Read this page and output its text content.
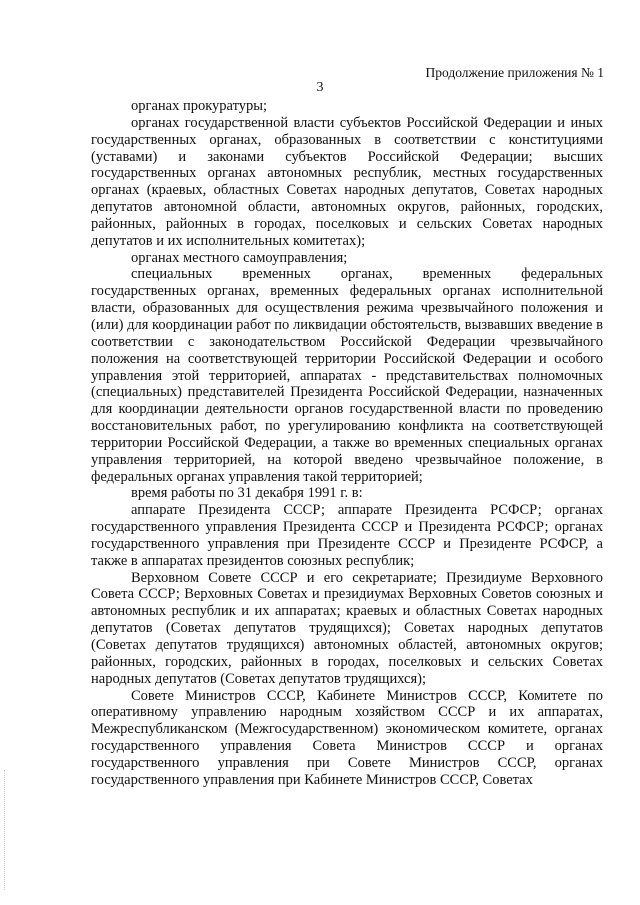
Продолжение приложения № 1
3

органах прокуратуры;

органах государственной власти субъектов Российской Федерации и иных государственных органах, образованных в соответствии с конституциями (уставами) и законами субъектов Российской Федерации; высших государственных органах автономных республик, местных государственных органах (краевых, областных Советах народных депутатов, Советах народных депутатов автономной области, автономных округов, районных, городских, районных, районных в городах, поселковых и сельских Советах народных депутатов и их исполнительных комитетах);

органах местного самоуправления;

специальных временных органах, временных федеральных государственных органах, временных федеральных органах исполнительной власти, образованных для осуществления режима чрезвычайного положения и (или) для координации работ по ликвидации обстоятельств, вызвавших введение в соответствии с законодательством Российской Федерации чрезвычайного положения на соответствующей территории Российской Федерации и особого управления этой территорией, аппаратах - представительствах полномочных (специальных) представителей Президента Российской Федерации, назначенных для координации деятельности органов государственной власти по проведению восстановительных работ, по урегулированию конфликта на соответствующей территории Российской Федерации, а также во временных специальных органах управления территорией, на которой введено чрезвычайное положение, в федеральных органах управления такой территорией;

время работы по 31 декабря 1991 г. в:

аппарате Президента СССР; аппарате Президента РСФСР; органах государственного управления Президента СССР и Президента РСФСР; органах государственного управления при Президенте СССР и Президенте РСФСР, а также в аппаратах президентов союзных республик;

Верховном Совете СССР и его секретариате; Президиуме Верховного Совета СССР; Верховных Советах и президиумах Верховных Советов союзных и автономных республик и их аппаратах; краевых и областных Советах народных депутатов (Советах депутатов трудящихся); Советах народных депутатов (Советах депутатов трудящихся) автономных областей, автономных округов; районных, городских, районных в городах, поселковых и сельских Советах народных депутатов (Советах депутатов трудящихся);

Совете Министров СССР, Кабинете Министров СССР, Комитете по оперативному управлению народным хозяйством СССР и их аппаратах, Межреспубликанском (Межгосударственном) экономическом комитете, органах государственного управления Совета Министров СССР и органах государственного управления при Совете Министров СССР, органах государственного управления при Кабинете Министров СССР, Советах
